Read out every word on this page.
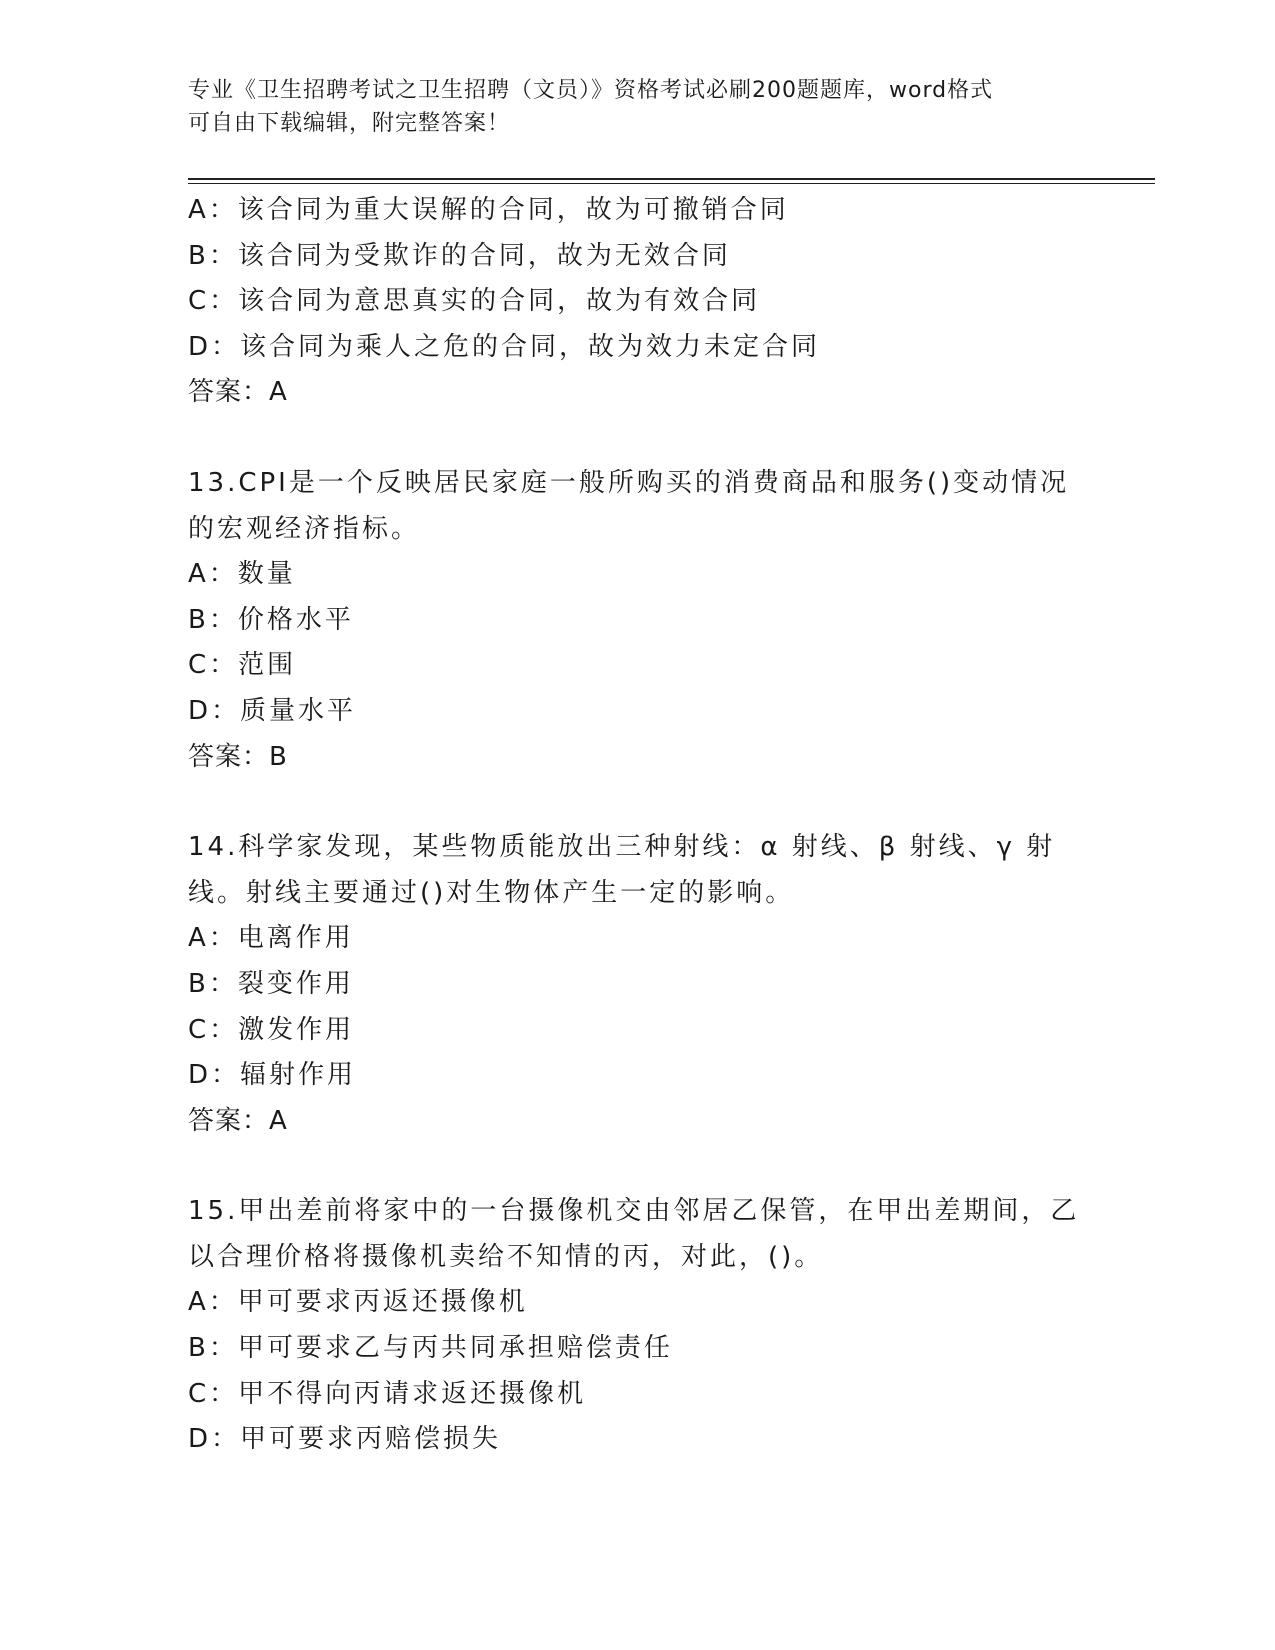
专业《卫生招聘考试之卫生招聘（文员）》资格考试必刷200题题库，word格式
可自由下载编辑，附完整答案！
A：该合同为重大误解的合同，故为可撤销合同
B：该合同为受欺诈的合同，故为无效合同
C：该合同为意思真实的合同，故为有效合同
D：该合同为乘人之危的合同，故为效力未定合同
答案：A
13.CPI是一个反映居民家庭一般所购买的消费商品和服务()变动情况
的宏观经济指标。
A：数量
B：价格水平
C：范围
D：质量水平
答案：B
14.科学家发现，某些物质能放出三种射线：α 射线、β 射线、γ 射
线。射线主要通过()对生物体产生一定的影响。
A：电离作用
B：裂变作用
C：激发作用
D：辐射作用
答案：A
15.甲出差前将家中的一台摄像机交由邻居乙保管，在甲出差期间，乙
以合理价格将摄像机卖给不知情的丙，对此，()。
A：甲可要求丙返还摄像机
B：甲可要求乙与丙共同承担赔偿责任
C：甲不得向丙请求返还摄像机
D：甲可要求丙赔偿损失
